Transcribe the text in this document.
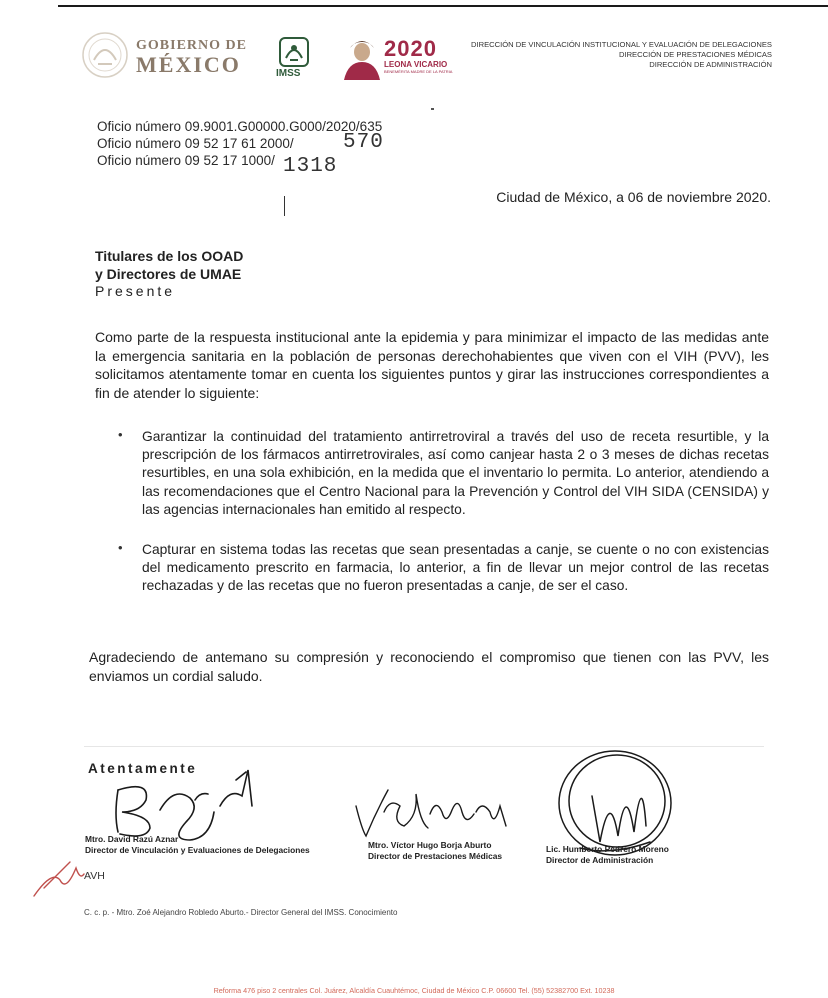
GOBIERNO DE
MÉXICO	IMSS
2020
LEONA VICARIO
BENEMÉRITA MADRE DE LA PATRIA
DIRECCIÓN DE VINCULACIÓN INSTITUCIONAL Y EVALUACIÓN DE DELEGACIONES
DIRECCIÓN DE PRESTACIONES MÉDICAS
DIRECCIÓN DE ADMINISTRACIÓN
Oficio número 09.9001.G00000.G000/2020/635
Oficio número 09 52 17 61 2000/
Oficio número 09 52 17 1000/
570
1318
Ciudad de México, a 06 de noviembre 2020.
Titulares de los OOAD
y Directores de UMAE
Presente
Como parte de la respuesta institucional ante la epidemia y para minimizar el impacto de las medidas ante la emergencia sanitaria en la población de personas derechohabientes que viven con el VIH (PVV), les solicitamos atentamente tomar en cuenta los siguientes puntos y girar las instrucciones correspondientes a fin de atender lo siguiente:
• Garantizar la continuidad del tratamiento antirretroviral a través del uso de receta resurtible, y la prescripción de los fármacos antirretrovirales, así como canjear hasta 2 o 3 meses de dichas recetas resurtibles, en una sola exhibición, en la medida que el inventario lo permita. Lo anterior, atendiendo a las recomendaciones que el Centro Nacional para la Prevención y Control del VIH SIDA (CENSIDA) y las agencias internacionales han emitido al respecto.
• Capturar en sistema todas las recetas que sean presentadas a canje, se cuente o no con existencias del medicamento prescrito en farmacia, lo anterior, a fin de llevar un mejor control de las recetas rechazadas y de las recetas que no fueron presentadas a canje, de ser el caso.
Agradeciendo de antemano su compresión y reconociendo el compromiso que tienen con las PVV, les enviamos un cordial saludo.
Atentamente
Mtro. David Razú Aznar
Director de Vinculación y Evaluaciones de Delegaciones	Mtro. Víctor Hugo Borja Aburto
Director de Prestaciones Médicas
Lic. Humberto Pedrero Moreno
Director de Administración
AVH
C. c. p. - Mtro. Zoé Alejandro Robledo Aburto.- Director General del IMSS. Conocimiento
Reforma 476 piso 2 centrales Col. Juárez, Alcaldía Cuauhtémoc, Ciudad de México C.P. 06600 Tel. (55) 52382700 Ext. 10238
